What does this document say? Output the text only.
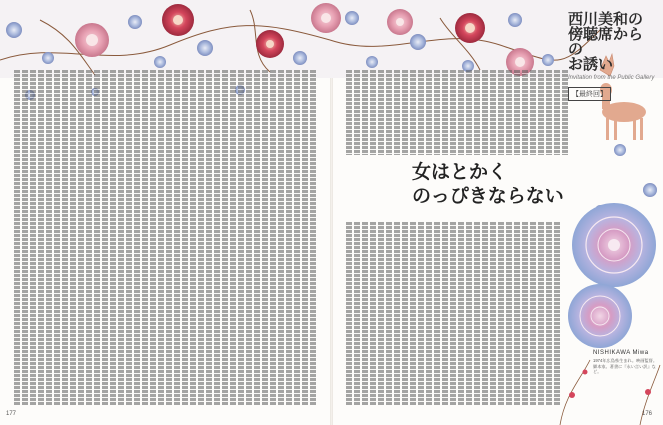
西川美和の
傍聴席からの
お誘い

Invitation from the Public Gallery
【最終回】
女はとかく
のっぴきならない
NISHIKAWA Miwa
1974年広島県生まれ。映画監督。脚本家。著書に『永い言い訳』など。
177	176
